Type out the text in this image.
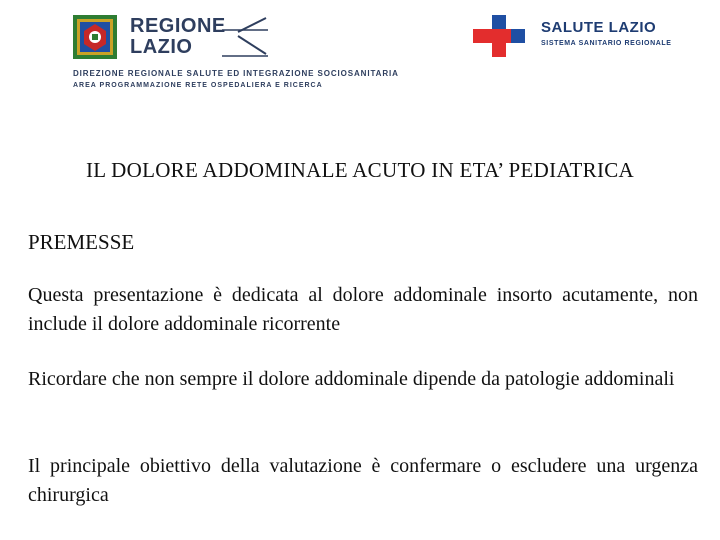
REGIONE
LAZIO
DIREZIONE REGIONALE SALUTE ED INTEGRAZIONE SOCIOSANITARIA
AREA PROGRAMMAZIONE RETE OSPEDALIERA E RICERCA
SALUTE LAZIO
SISTEMA SANITARIO REGIONALE
IL DOLORE ADDOMINALE ACUTO IN ETA’ PEDIATRICA
PREMESSE
Questa presentazione è dedicata al dolore addominale insorto acutamente, non include il dolore addominale ricorrente
Ricordare che non sempre il dolore addominale dipende da patologie addominali
Il principale obiettivo della valutazione è confermare o escludere una urgenza chirurgica
